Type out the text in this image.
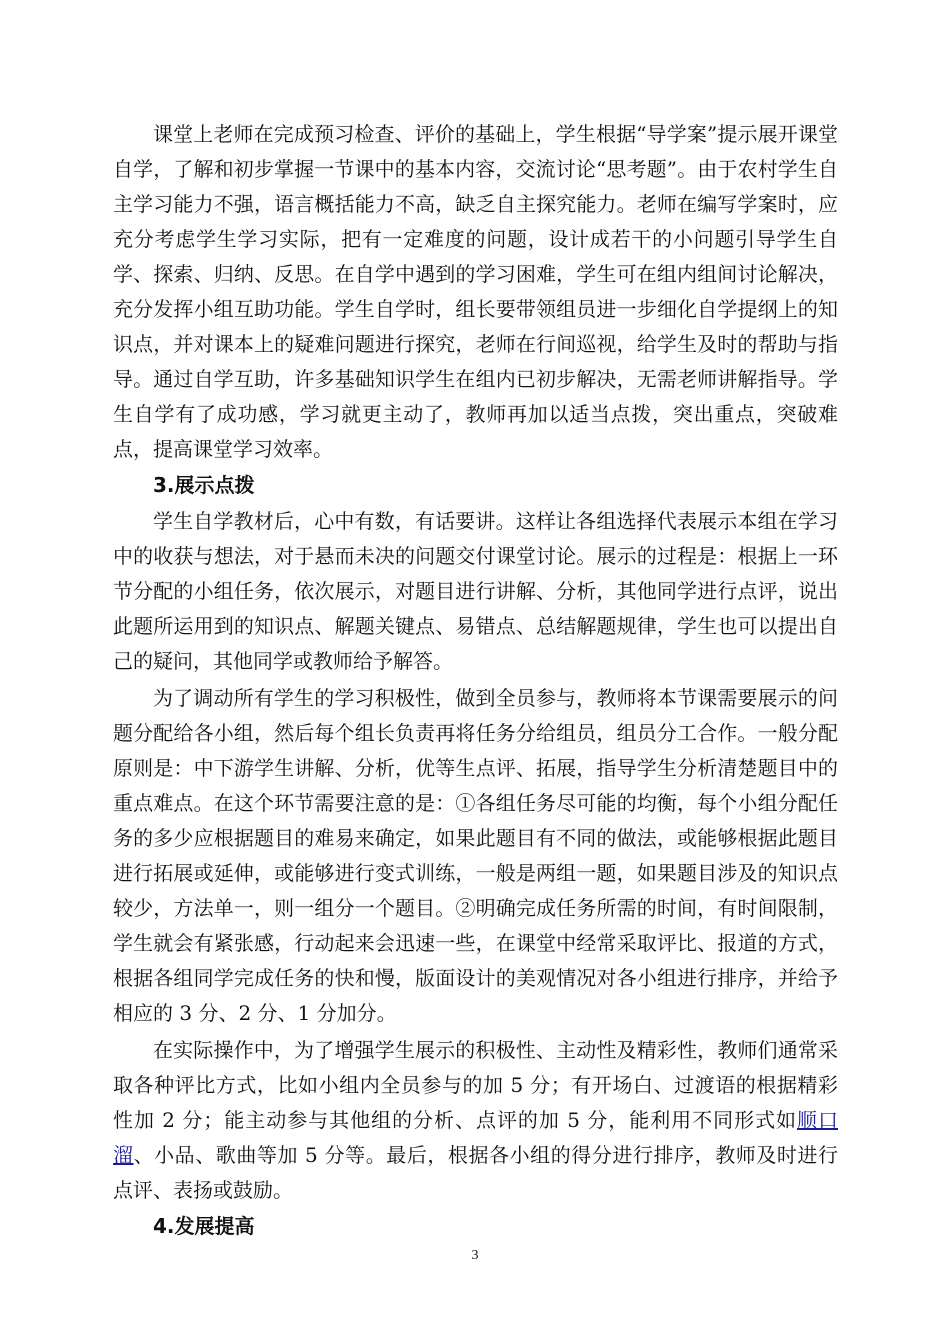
课堂上老师在完成预习检查、评价的基础上，学生根据“导学案”提示展开课堂自学，了解和初步掌握一节课中的基本内容，交流讨论“思考题”。由于农村学生自主学习能力不强，语言概括能力不高，缺乏自主探究能力。老师在编写学案时，应充分考虑学生学习实际，把有一定难度的问题，设计成若干的小问题引导学生自学、探索、归纳、反思。在自学中遇到的学习困难，学生可在组内组间讨论解决，充分发挥小组互助功能。学生自学时，组长要带领组员进一步细化自学提纲上的知识点，并对课本上的疑难问题进行探究，老师在行间巡视，给学生及时的帮助与指导。通过自学互助，许多基础知识学生在组内已初步解决，无需老师讲解指导。学生自学有了成功感，学习就更主动了，教师再加以适当点拨，突出重点，突破难点，提高课堂学习效率。

3.展示点拨

学生自学教材后，心中有数，有话要讲。这样让各组选择代表展示本组在学习中的收获与想法，对于悬而未决的问题交付课堂讨论。展示的过程是：根据上一环节分配的小组任务，依次展示，对题目进行讲解、分析，其他同学进行点评，说出此题所运用到的知识点、解题关键点、易错点、总结解题规律，学生也可以提出自己的疑问，其他同学或教师给予解答。

为了调动所有学生的学习积极性，做到全员参与，教师将本节课需要展示的问题分配给各小组，然后每个组长负责再将任务分给组员，组员分工合作。一般分配原则是：中下游学生讲解、分析，优等生点评、拓展，指导学生分析清楚题目中的重点难点。在这个环节需要注意的是：①各组任务尽可能的均衡，每个小组分配任务的多少应根据题目的难易来确定，如果此题目有不同的做法，或能够根据此题目进行拓展或延伸，或能够进行变式训练，一般是两组一题，如果题目涉及的知识点较少，方法单一，则一组分一个题目。②明确完成任务所需的时间，有时间限制，学生就会有紧张感，行动起来会迅速一些，在课堂中经常采取评比、报道的方式，根据各组同学完成任务的快和慢，版面设计的美观情况对各小组进行排序，并给予相应的 3 分、2 分、1 分加分。

在实际操作中，为了增强学生展示的积极性、主动性及精彩性，教师们通常采取各种评比方式，比如小组内全员参与的加 5 分；有开场白、过渡语的根据精彩性加 2 分；能主动参与其他组的分析、点评的加 5 分，能利用不同形式如顺口溜、小品、歌曲等加 5 分等。最后，根据各小组的得分进行排序，教师及时进行点评、表扬或鼓励。

4.发展提高

3
